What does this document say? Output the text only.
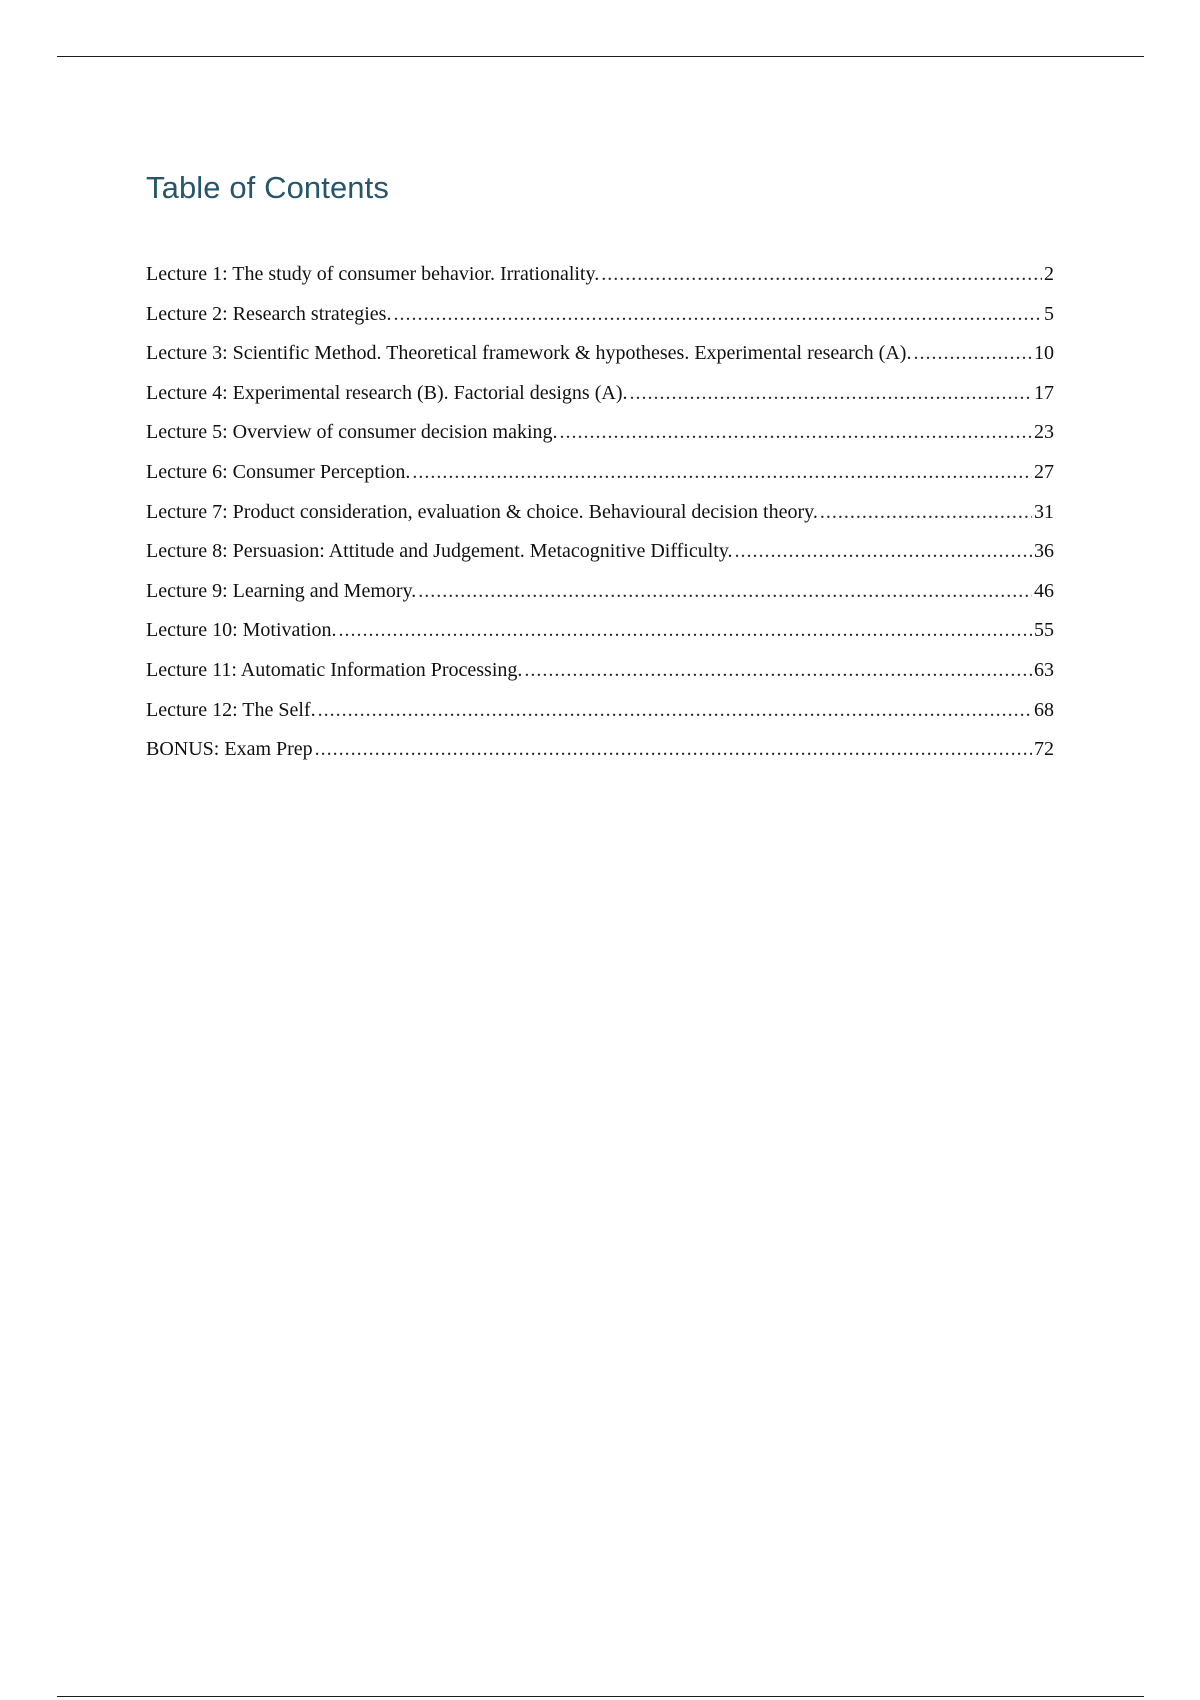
Table of Contents
Lecture 1: The study of consumer behavior. Irrationality. .....	2
Lecture 2: Research strategies. .....	5
Lecture 3: Scientific Method. Theoretical framework & hypotheses. Experimental research (A). .....	10
Lecture 4: Experimental research (B). Factorial designs (A). .....	17
Lecture 5: Overview of consumer decision making. .....	23
Lecture 6: Consumer Perception. .....	27
Lecture 7: Product consideration, evaluation & choice. Behavioural decision theory. .....	31
Lecture 8: Persuasion: Attitude and Judgement. Metacognitive Difficulty. .....	36
Lecture 9: Learning and Memory. .....	46
Lecture 10: Motivation. .....	55
Lecture 11: Automatic Information Processing. .....	63
Lecture 12: The Self. .....	68
BONUS: Exam Prep .....	72
